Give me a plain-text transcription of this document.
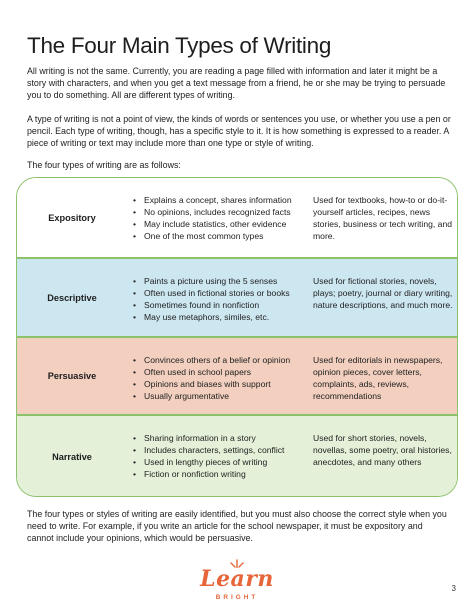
The Four Main Types of Writing

All writing is not the same. Currently, you are reading a page filled with information and later it might be a story with characters, and when you get a text message from a friend, he or she may be trying to persuade you to do something. All are different types of writing.

A type of writing is not a point of view, the kinds of words or sentences you use, or whether you use a pen or pencil. Each type of writing, though, has a specific style to it. It is how something is expressed to a reader. A piece of writing or text may include more than one type or style of writing.

The four types of writing are as follows:

Expository
• Explains a concept, shares information
• No opinions, includes recognized facts
• May include statistics, other evidence
• One of the most common types

Used for textbooks, how-to or do-it-yourself articles, recipes, news stories, business or tech writing, and more.

Descriptive
• Paints a picture using the 5 senses
• Often used in fictional stories or books
• Sometimes found in nonfiction
• May use metaphors, similes, etc.

Used for fictional stories, novels, plays; poetry, journal or diary writing, nature descriptions, and much more.

Persuasive
• Convinces others of a belief or opinion
• Often used in school papers
• Opinions and biases with support
• Usually argumentative

Used for editorials in newspapers, opinion pieces, cover letters, complaints, ads, reviews, recommendations

Narrative
• Sharing information in a story
• Includes characters, settings, conflict
• Used in lengthy pieces of writing
• Fiction or nonfiction writing

Used for short stories, novels, novellas, some poetry, oral histories, anecdotes, and many others

The four types or styles of writing are easily identified, but you must also choose the correct style when you need to write. For example, if you write an article for the school newspaper, it must be expository and cannot include your opinions, which would be persuasive.

Learn
BRIGHT
3
